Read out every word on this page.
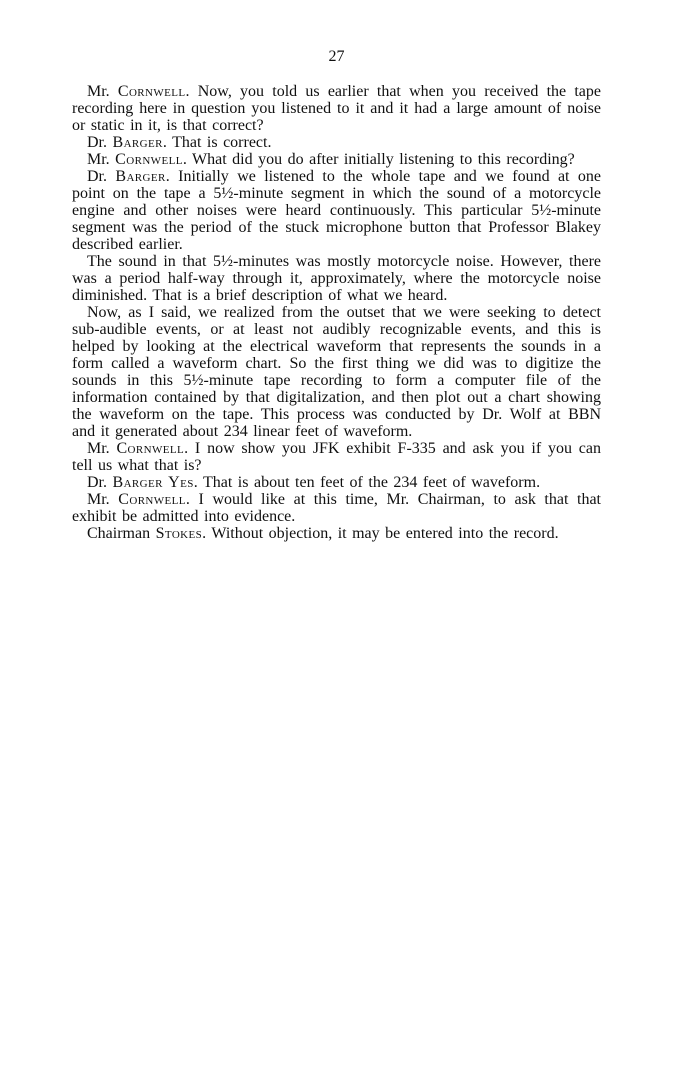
27

Mr. Cornwell. Now, you told us earlier that when you received the tape recording here in question you listened to it and it had a large amount of noise or static in it, is that correct?

Dr. Barger. That is correct.

Mr. Cornwell. What did you do after initially listening to this recording?

Dr. Barger. Initially we listened to the whole tape and we found at one point on the tape a 5½-minute segment in which the sound of a motorcycle engine and other noises were heard continuously. This particular 5½-minute segment was the period of the stuck microphone button that Professor Blakey described earlier.

The sound in that 5½-minutes was mostly motorcycle noise. However, there was a period half-way through it, approximately, where the motorcycle noise diminished. That is a brief description of what we heard.

Now, as I said, we realized from the outset that we were seeking to detect sub-audible events, or at least not audibly recognizable events, and this is helped by looking at the electrical waveform that represents the sounds in a form called a waveform chart. So the first thing we did was to digitize the sounds in this 5½-minute tape recording to form a computer file of the information contained by that digitalization, and then plot out a chart showing the waveform on the tape. This process was conducted by Dr. Wolf at BBN and it generated about 234 linear feet of waveform.

Mr. Cornwell. I now show you JFK exhibit F-335 and ask you if you can tell us what that is?

Dr. Barger Yes. That is about ten feet of the 234 feet of waveform.

Mr. Cornwell. I would like at this time, Mr. Chairman, to ask that that exhibit be admitted into evidence.

Chairman Stokes. Without objection, it may be entered into the record.
